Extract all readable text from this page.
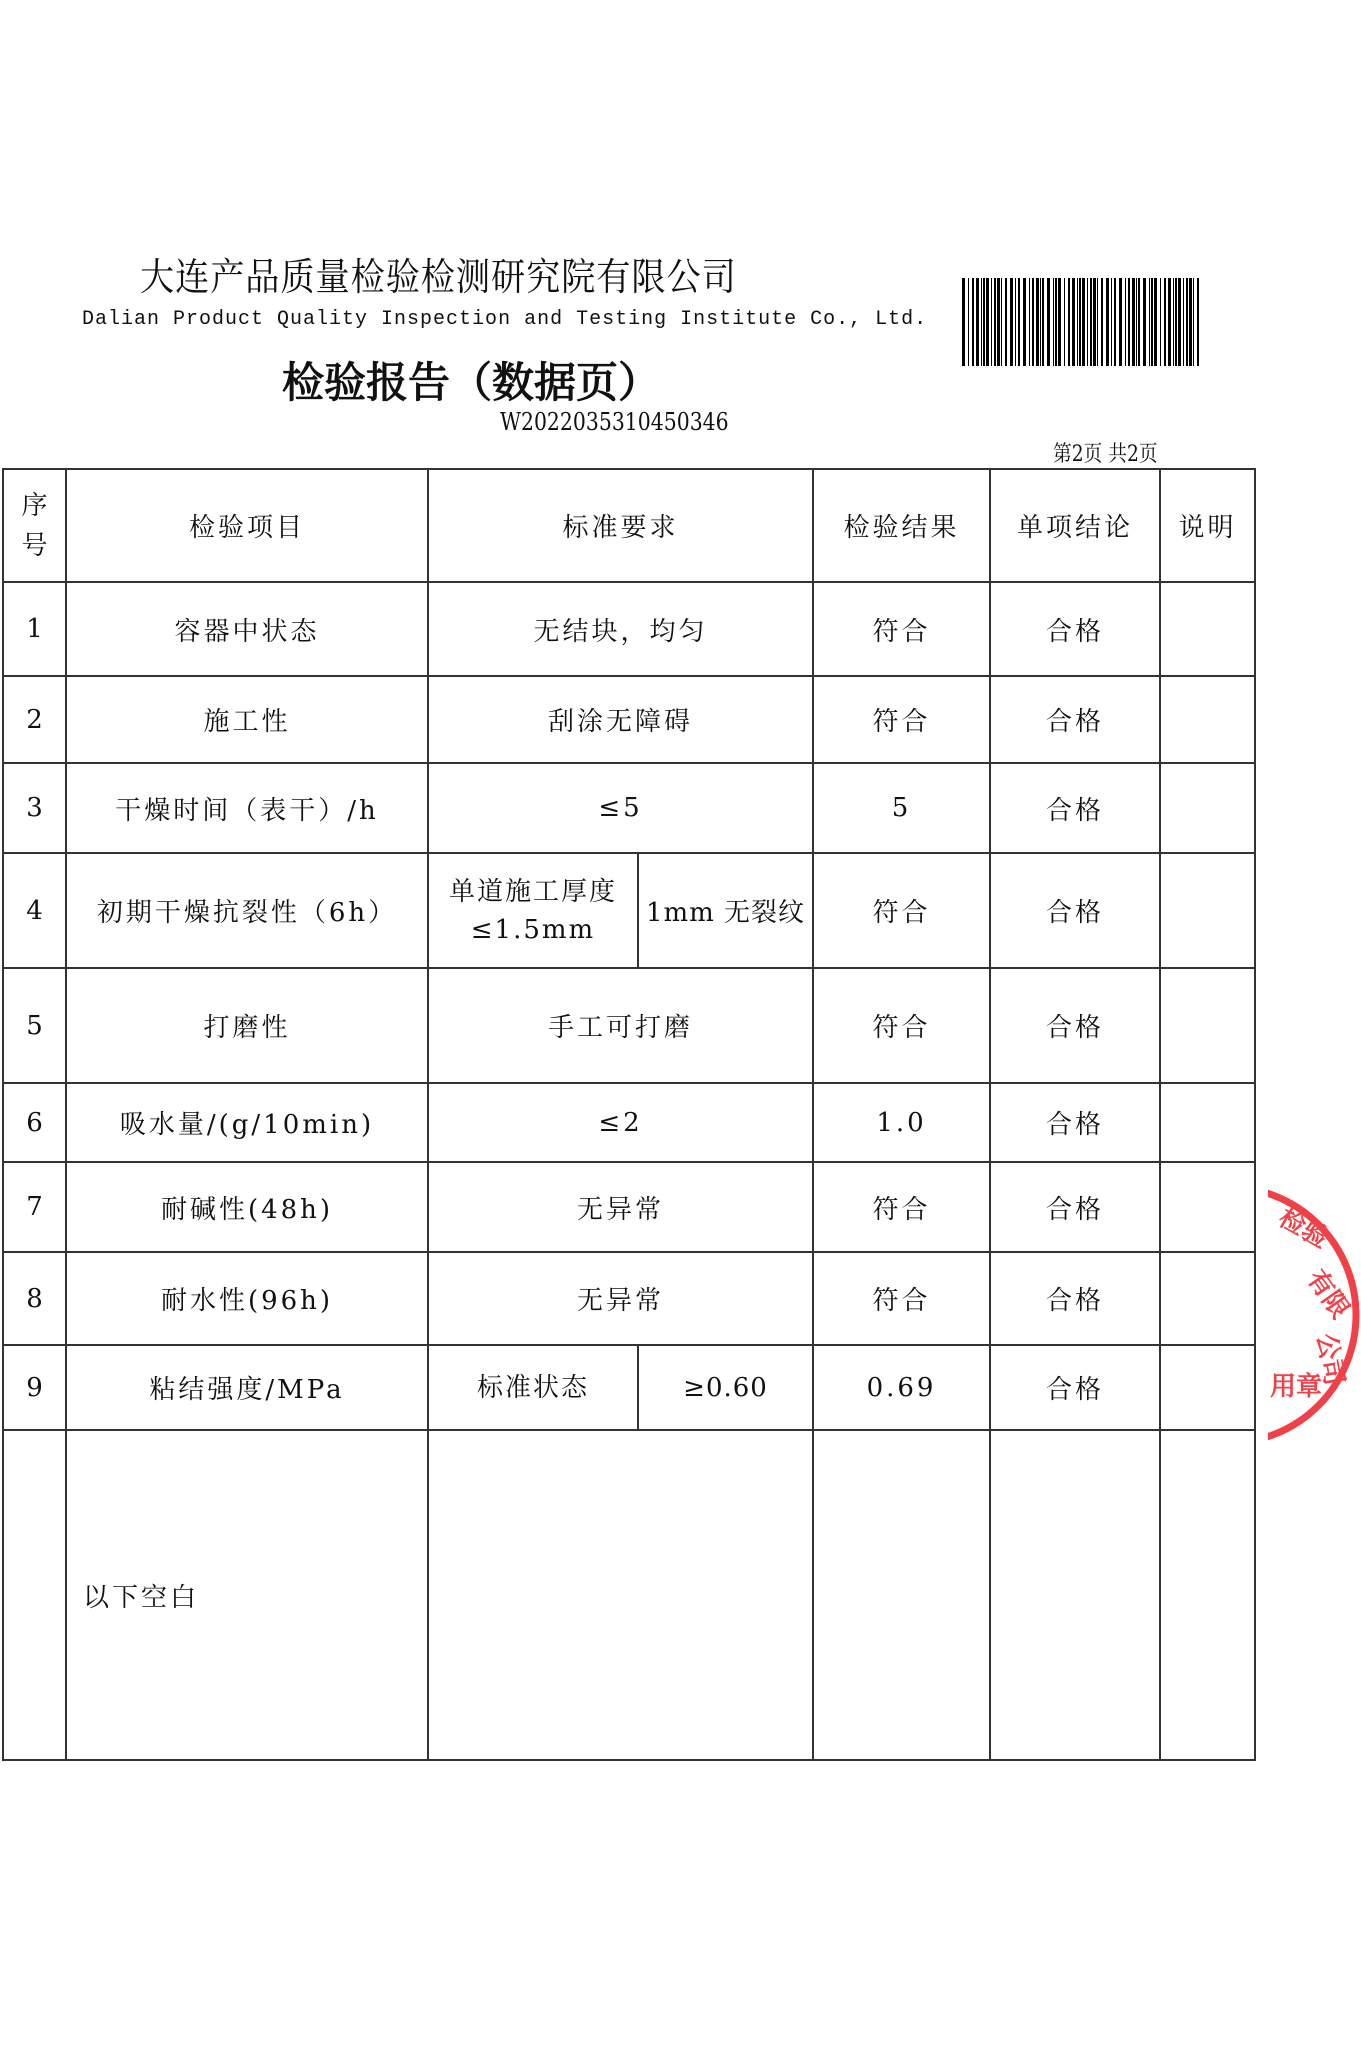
大连产品质量检验检测研究院有限公司
Dalian Product Quality Inspection and Testing Institute Co., Ltd.
检验报告（数据页）
W2022035310450346
第2页 共2页
序号	检验项目	标准要求		检验结果	单项结论	说明
1	容器中状态	无结块，均匀		符合	合格	
2	施工性	刮涂无障碍		符合	合格	
3	干燥时间（表干）/h	≤5		5	合格	
4	初期干燥抗裂性（6h）	单道施工厚度≤1.5mm	1mm 无裂纹	符合	合格	
5	打磨性	手工可打磨		符合	合格	
6	吸水量/(g/10min)	≤2		1.0	合格	
7	耐碱性(48h)	无异常		符合	合格	
8	耐水性(96h)	无异常		符合	合格	
9	粘结强度/MPa	标准状态	≥0.60	0.69	合格	
	以下空白					
检验
有限
公司
用章
